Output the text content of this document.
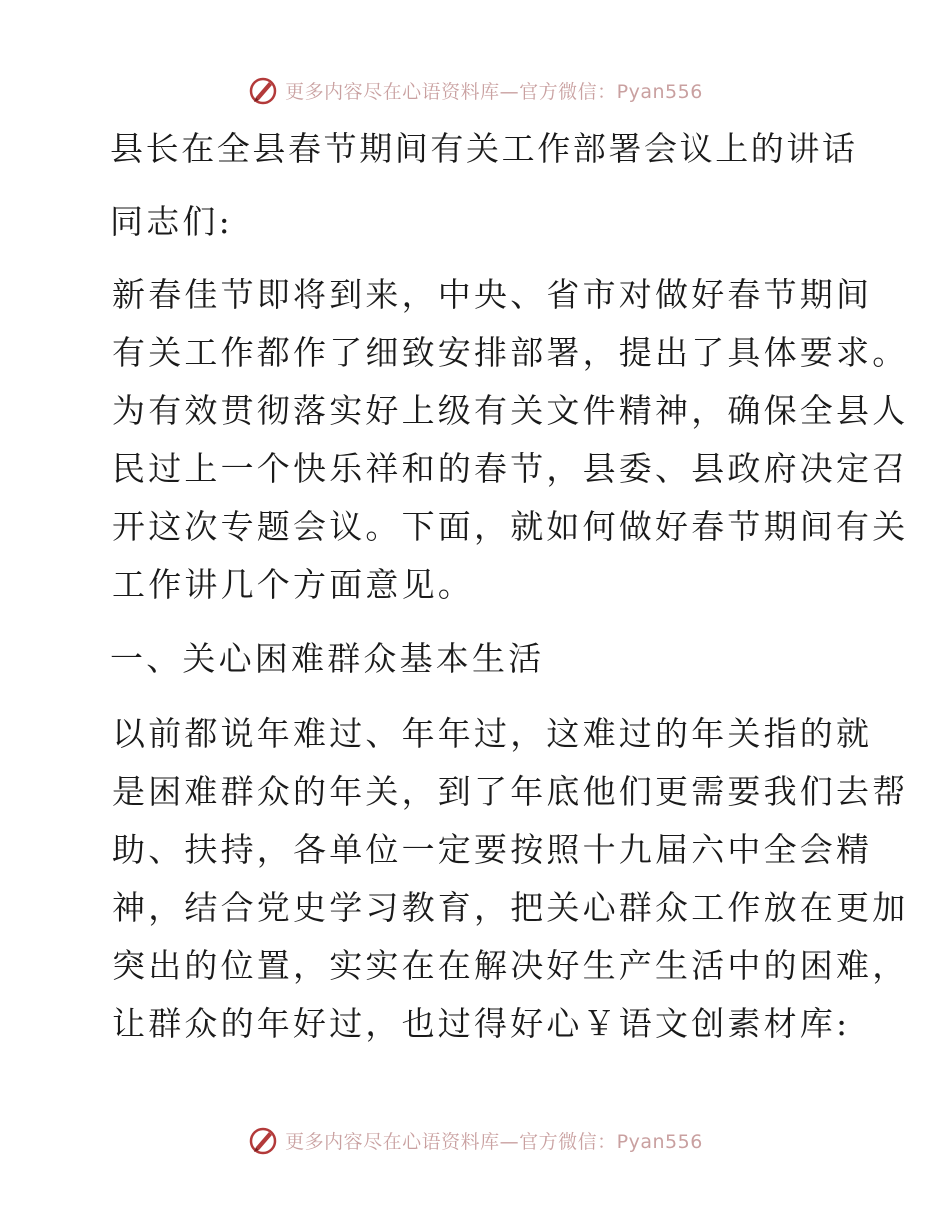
更多内容尽在心语资料库—官方微信：Pyan556

县长在全县春节期间有关工作部署会议上的讲话

同志们:

新春佳节即将到来，中央、省市对做好春节期间
有关工作都作了细致安排部署，提出了具体要求。
为有效贯彻落实好上级有关文件精神，确保全县人
民过上一个快乐祥和的春节，县委、县政府决定召
开这次专题会议。下面，就如何做好春节期间有关
工作讲几个方面意见。

一、关心困难群众基本生活

以前都说年难过、年年过，这难过的年关指的就
是困难群众的年关，到了年底他们更需要我们去帮
助、扶持，各单位一定要按照十九届六中全会精
神，结合党史学习教育，把关心群众工作放在更加
突出的位置，实实在在解决好生产生活中的困难，
让群众的年好过，也过得好心￥语文创素材库:

更多内容尽在心语资料库—官方微信：Pyan556
